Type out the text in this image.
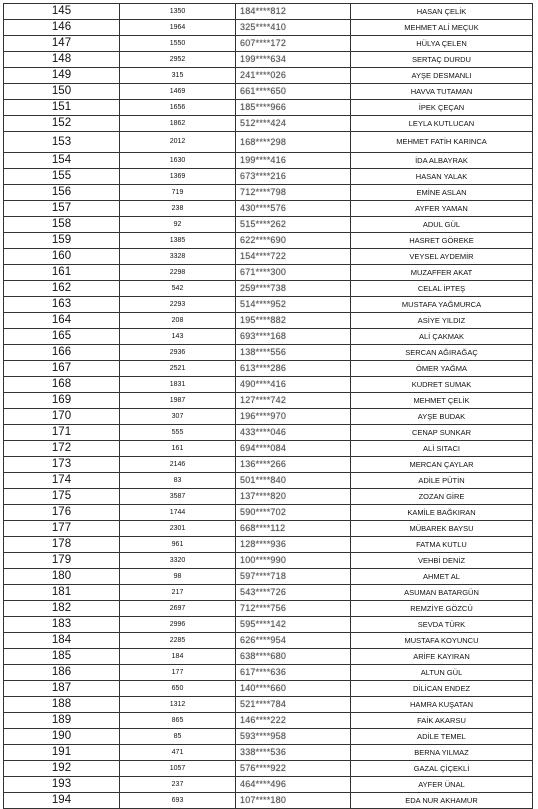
145	1350	184****812	HASAN ÇELİK
146	1964	325****410	MEHMET ALİ MEÇUK
147	1550	607****172	HÜLYA ÇELEN
148	2952	199****634	SERTAÇ DURDU
149	315	241****026	AYŞE DESMANLI
150	1469	661****650	HAVVA TUTAMAN
151	1656	185****966	İPEK ÇEÇAN
152	1862	512****424	LEYLA KUTLUCAN
153	2012	168****298	MEHMET FATİH KARINCA
154	1630	199****416	İDA ALBAYRAK
155	1369	673****216	HASAN YALAK
156	719	712****798	EMİNE ASLAN
157	238	430****576	AYFER YAMAN
158	92	515****262	ADUL GÜL
159	1385	622****690	HASRET GÖREKE
160	3328	154****722	VEYSEL AYDEMİR
161	2298	671****300	MUZAFFER AKAT
162	542	259****738	CELAL İPTEŞ
163	2293	514****952	MUSTAFA YAĞMURCA
164	208	195****882	ASİYE YILDIZ
165	143	693****168	ALİ ÇAKMAK
166	2936	138****556	SERCAN AĞIRAĞAÇ
167	2521	613****286	ÖMER YAĞMA
168	1831	490****416	KUDRET SUMAK
169	1987	127****742	MEHMET ÇELİK
170	307	196****970	AYŞE BUDAK
171	555	433****046	CENAP SUNKAR
172	161	694****084	ALİ SITACI
173	2146	136****266	MERCAN ÇAYLAR
174	83	501****840	ADİLE PÜTİN
175	3587	137****820	ZOZAN GİRE
176	1744	590****702	KAMİLE BAĞKIRAN
177	2301	668****112	MÜBAREK BAYSU
178	961	128****936	FATMA KUTLU
179	3320	100****990	VEHBİ DENİZ
180	98	597****718	AHMET AL
181	217	543****726	ASUMAN BATARGÜN
182	2697	712****756	REMZİYE GÖZCÜ
183	2996	595****142	SEVDA TÜRK
184	2285	626****954	MUSTAFA KOYUNCU
185	184	638****680	ARİFE KAYIRAN
186	177	617****636	ALTUN GÜL
187	650	140****660	DİLİCAN ENDEZ
188	1312	521****784	HAMRA KUŞATAN
189	865	146****222	FAİK AKARSU
190	85	593****958	ADİLE TEMEL
191	471	338****536	BERNA YILMAZ
192	1057	576****922	GAZAL ÇİÇEKLİ
193	237	464****496	AYFER ÜNAL
194	693	107****180	EDA NUR AKHAMUR
